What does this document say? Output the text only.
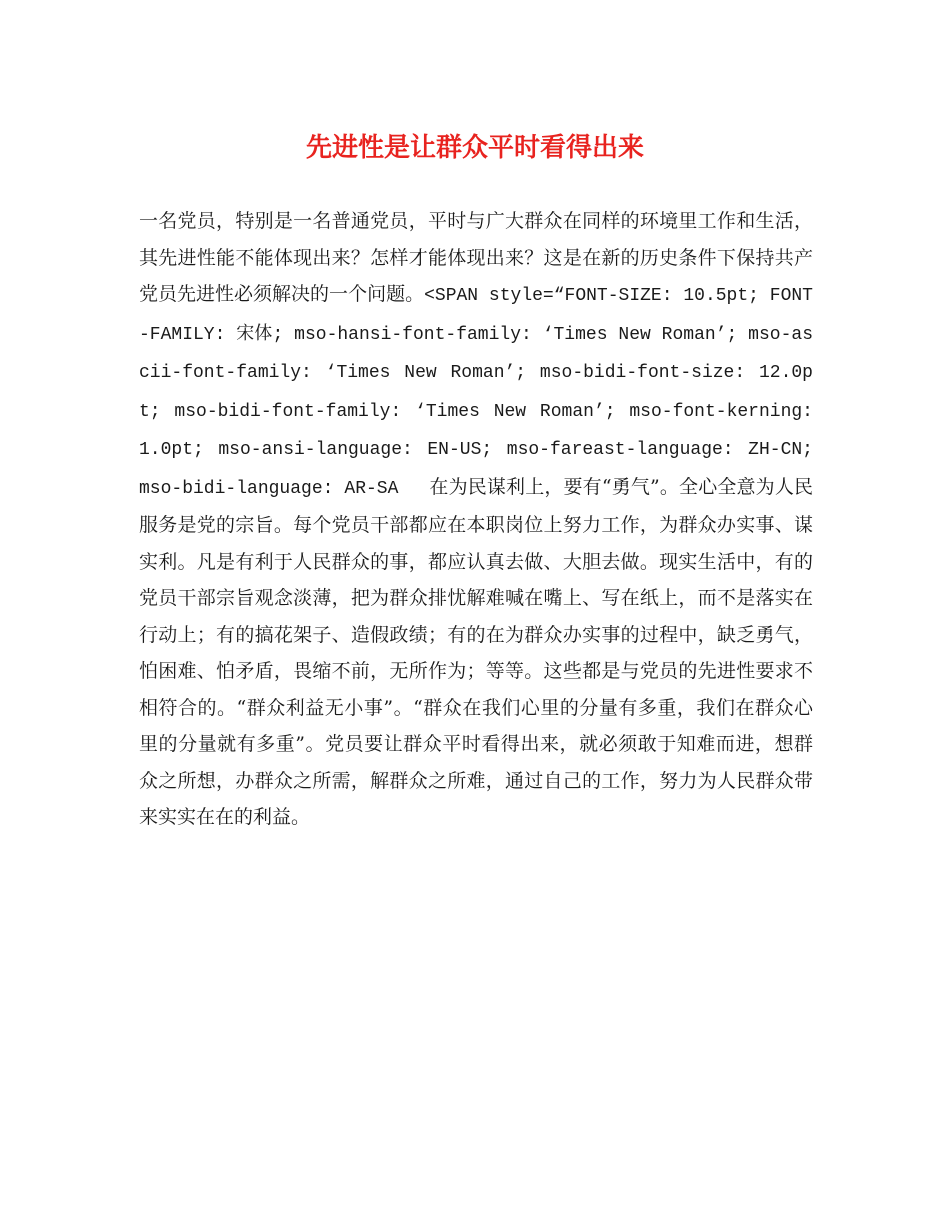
先进性是让群众平时看得出来

一名党员，特别是一名普通党员，平时与广大群众在同样的环境里工作和生活，其先进性能不能体现出来？怎样才能体现出来？这是在新的历史条件下保持共产党员先进性必须解决的一个问题。<SPAN style=“FONT-SIZE: 10.5pt; FONT-FAMILY: 宋体; mso-hansi-font-family: ‘Times New Roman’; mso-ascii-font-family: ‘Times New Roman’; mso-bidi-font-size: 12.0pt; mso-bidi-font-family: ‘Times New Roman’; mso-font-kerning: 1.0pt; mso-ansi-language: EN-US; mso-fareast-language: ZH-CN; mso-bidi-language: AR-SA 在为民谋利上，要有“勇气”。全心全意为人民服务是党的宗旨。每个党员干部都应在本职岗位上努力工作，为群众办实事、谋实利。凡是有利于人民群众的事，都应认真去做、大胆去做。现实生活中，有的党员干部宗旨观念淡薄，把为群众排忧解难喊在嘴上、写在纸上，而不是落实在行动上；有的搞花架子、造假政绩；有的在为群众办实事的过程中，缺乏勇气，怕困难、怕矛盾，畏缩不前，无所作为；等等。这些都是与党员的先进性要求不相符合的。“群众利益无小事”。“群众在我们心里的分量有多重，我们在群众心里的分量就有多重”。党员要让群众平时看得出来，就必须敢于知难而进，想群众之所想，办群众之所需，解群众之所难，通过自己的工作，努力为人民群众带来实实在在的利益。
